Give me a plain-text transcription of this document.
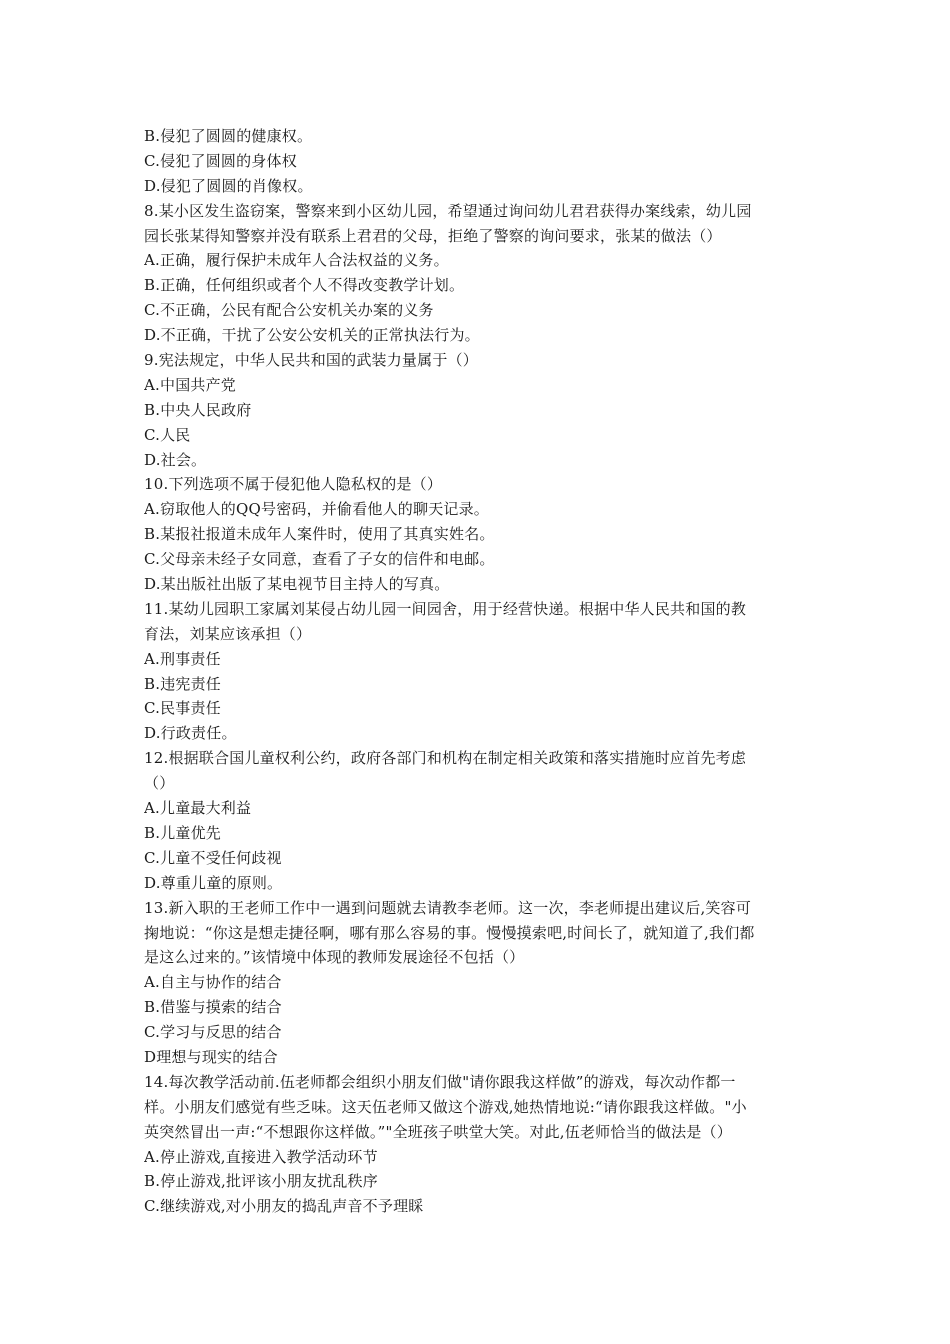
B.侵犯了圆圆的健康权。
C.侵犯了圆圆的身体权
D.侵犯了圆圆的肖像权。
8.某小区发生盗窃案，警察来到小区幼儿园，希望通过询问幼儿君君获得办案线索，幼儿园
园长张某得知警察并没有联系上君君的父母，拒绝了警察的询问要求，张某的做法（）
A.正确，履行保护未成年人合法权益的义务。
B.正确，任何组织或者个人不得改变教学计划。
C.不正确，公民有配合公安机关办案的义务
D.不正确，干扰了公安公安机关的正常执法行为。
9.宪法规定，中华人民共和国的武装力量属于（）
A.中国共产党
B.中央人民政府
C.人民
D.社会。
10.下列选项不属于侵犯他人隐私权的是（）
A.窃取他人的QQ号密码，并偷看他人的聊天记录。
B.某报社报道未成年人案件时，使用了其真实姓名。
C.父母亲未经子女同意，查看了子女的信件和电邮。
D.某出版社出版了某电视节目主持人的写真。
11.某幼儿园职工家属刘某侵占幼儿园一间园舍，用于经营快递。根据中华人民共和国的教
育法，刘某应该承担（）
A.刑事责任
B.违宪责任
C.民事责任
D.行政责任。
12.根据联合国儿童权利公约，政府各部门和机构在制定相关政策和落实措施时应首先考虑
（）
A.儿童最大利益
B.儿童优先
C.儿童不受任何歧视
D.尊重儿童的原则。
13.新入职的王老师工作中一遇到问题就去请教李老师。这一次，李老师提出建议后,笑容可
掬地说：“你这是想走捷径啊，哪有那么容易的事。慢慢摸索吧,时间长了，就知道了,我们都
是这么过来的。”该情境中体现的教师发展途径不包括（）
A.自主与协作的结合
B.借鉴与摸索的结合
C.学习与反思的结合
D理想与现实的结合
14.每次教学活动前.伍老师都会组织小朋友们做"请你跟我这样做”的游戏，每次动作都一
样。小朋友们感觉有些乏味。这天伍老师又做这个游戏,她热情地说:“请你跟我这样做。"小
英突然冒出一声:“不想跟你这样做。”"全班孩子哄堂大笑。对此,伍老师恰当的做法是（）
A.停止游戏,直接进入教学活动环节
B.停止游戏,批评该小朋友扰乱秩序
C.继续游戏,对小朋友的捣乱声音不予理睬
